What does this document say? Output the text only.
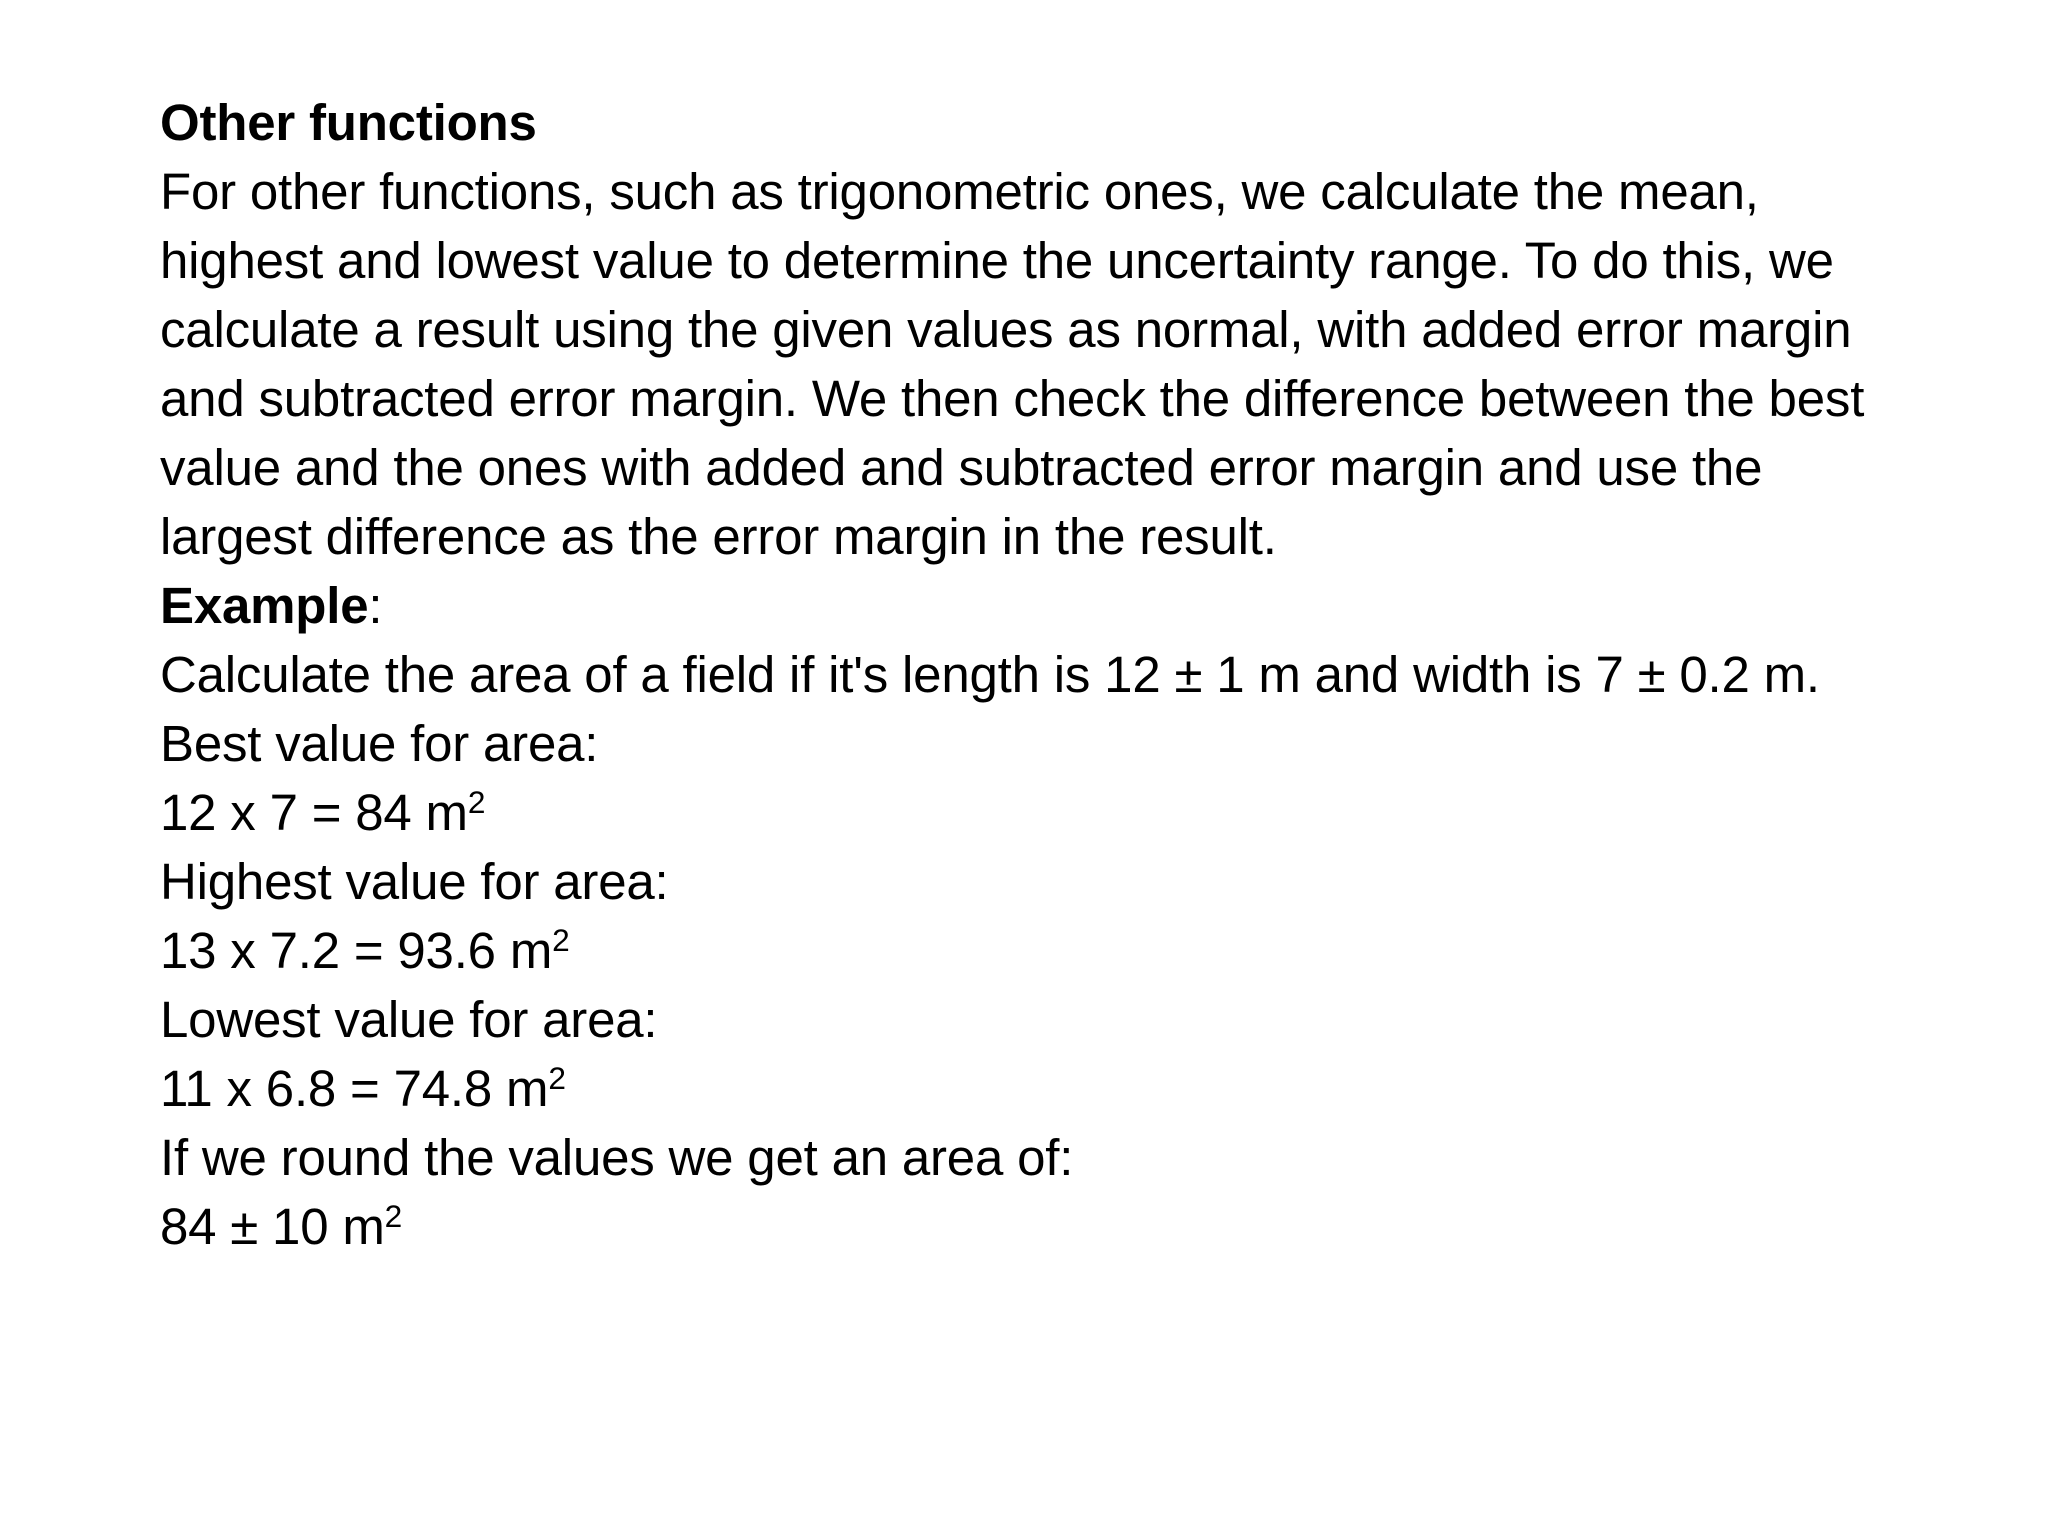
Other functions
For other functions, such as trigonometric ones, we calculate the mean,
highest and lowest value to determine the uncertainty range. To do this, we
calculate a result using the given values as normal, with added error margin
and subtracted error margin. We then check the difference between the best
value and the ones with added and subtracted error margin and use the
largest difference as the error margin in the result.
Example:
Calculate the area of a field if it's length is 12 ± 1 m and width is 7 ± 0.2 m.
Best value for area:
12 x 7 = 84 $m^2$
Highest value for area:
13 x 7.2 = 93.6 $m^2$
Lowest value for area:
11 x 6.8 = 74.8 $m^2$
If we round the values we get an area of:
84 ± 10 $m^2$
